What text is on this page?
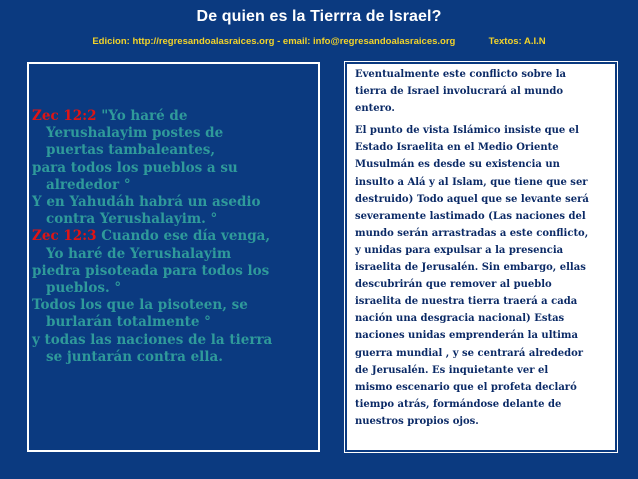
De quien es la Tierrra de Israel?
Edicion: http://regresandoalasraices.org - email: info@regresandoalasraices.org	Textos: A.I.N
Zec 12:2 "Yo haré de
Yerushalayim postes de
puertas tambaleantes,
para todos los pueblos a su
alrededor °
Y en Yahudáh habrá un asedio
contra Yerushalayim. °
Zec 12:3 Cuando ese día venga,
Yo haré de Yerushalayim
piedra pisoteada para todos los
pueblos. °
Todos los que la pisoteen, se
burlarán totalmente °
y todas las naciones de la tierra
se juntarán contra ella.

Eventualmente este conflicto sobre la
tierra de Israel involucrará al mundo
entero.

El punto de vista Islámico insiste que el
Estado Israelita en el Medio Oriente
Musulmán es desde su existencia un
insulto a Alá y al Islam, que tiene que ser
destruido) Todo aquel que se levante será
severamente lastimado (Las naciones del
mundo serán arrastradas a este conflicto,
y unidas para expulsar a la presencia
israelita de Jerusalén. Sin embargo, ellas
descubrirán que remover al pueblo
israelita de nuestra tierra traerá a cada
nación una desgracia nacional) Estas
naciones unidas emprenderán la ultima
guerra mundial , y se centrará alrededor
de Jerusalén. Es inquietante ver el
mismo escenario que el profeta declaró
tiempo atrás, formándose delante de
nuestros propios ojos.
